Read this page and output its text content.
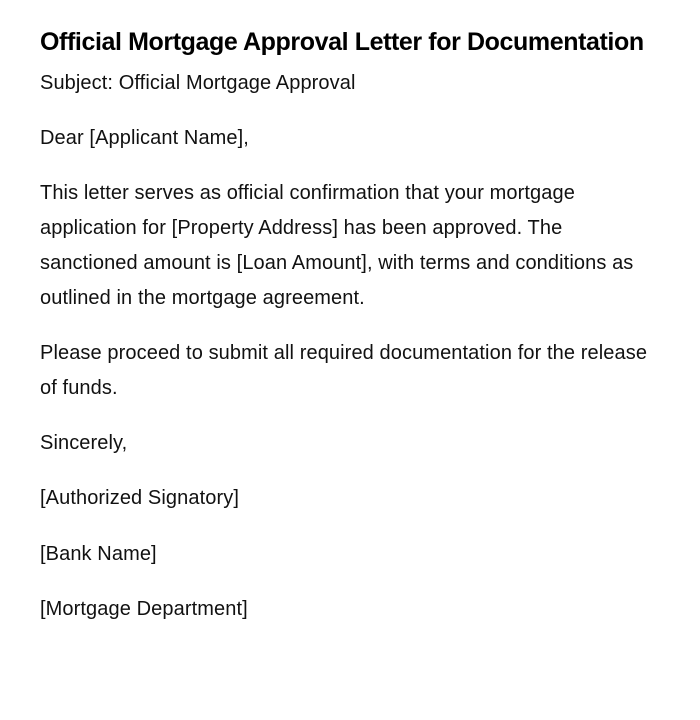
Official Mortgage Approval Letter for Documentation

Subject: Official Mortgage Approval

Dear [Applicant Name],

This letter serves as official confirmation that your mortgage application for [Property Address] has been approved. The sanctioned amount is [Loan Amount], with terms and conditions as outlined in the mortgage agreement.

Please proceed to submit all required documentation for the release of funds.

Sincerely,

[Authorized Signatory]

[Bank Name]

[Mortgage Department]
